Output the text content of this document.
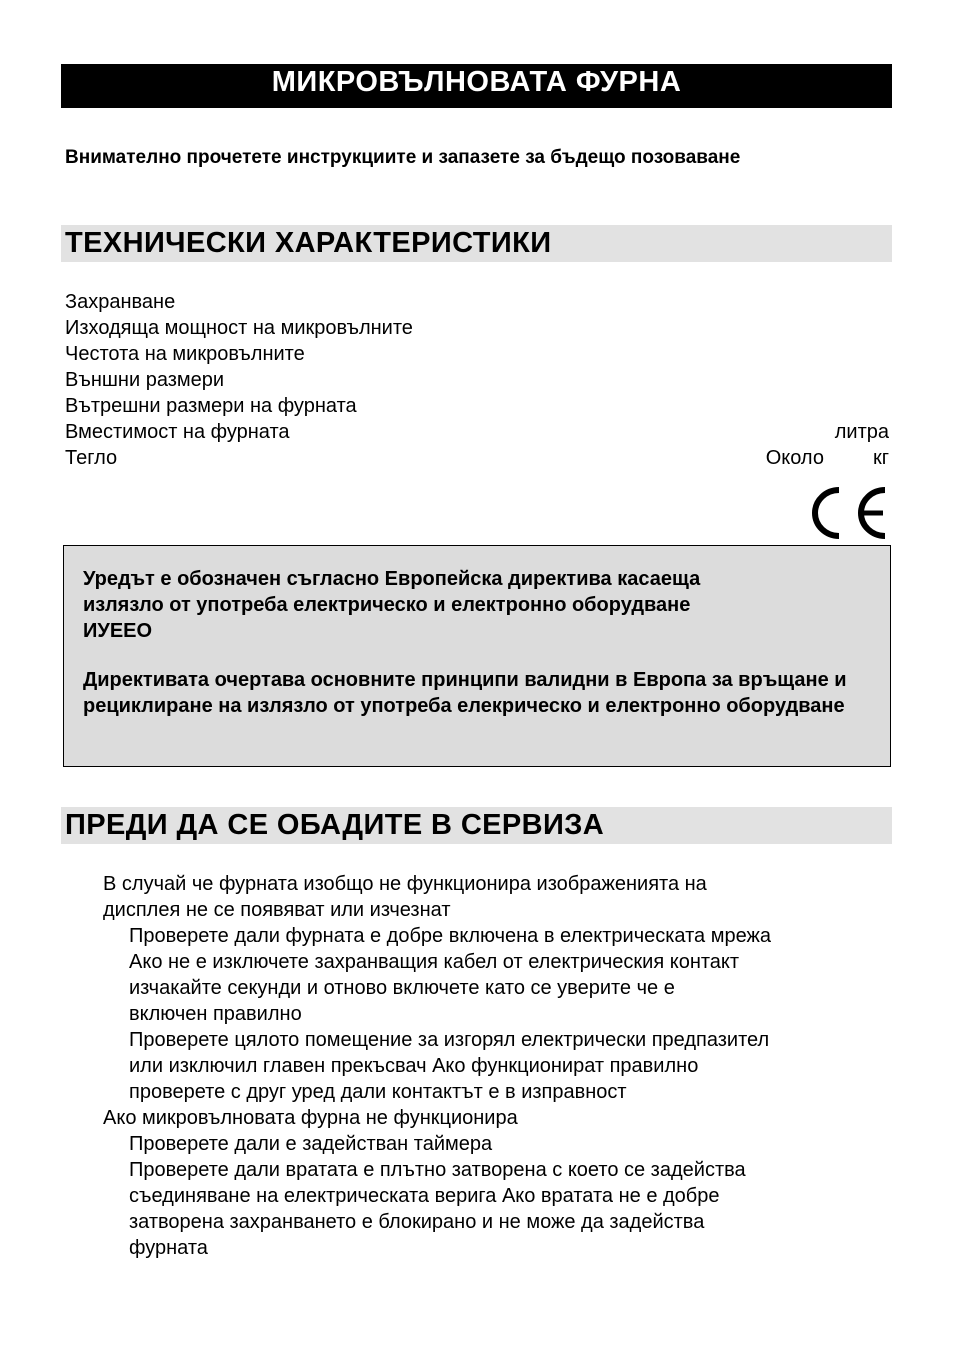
МИКРОВЪЛНОВАТА ФУРНА
Внимателно прочетете инструкциите и запазете за бъдещо позоваване
ТЕХНИЧЕСКИ ХАРАКТЕРИСТИКИ
Захранване
Изходяща мощност на микровълните
Честота на микровълните
Външни размери
Вътрешни размери на фурната
Вместимост на фурната	литра
Тегло	Около кг
Уредът е обозначен съгласно Европейска директива касаеща излязло от употреба електрическо и електронно оборудване ИУЕЕО
Директивата очертава основните принципи валидни в Европа за връщане и рециклиране на излязло от употреба елекрическо и електронно оборудване
ПРЕДИ ДА СЕ ОБАДИТЕ В СЕРВИЗА
В случай че фурната изобщо не функционира изображенията на
дисплея не се появяват или изчезнат
Проверете дали фурната е добре включена в електрическата мрежа
Ако не е изключете захранващия кабел от електрическия контакт
изчакайте секунди и отново включете като се уверите че е
включен правилно
Проверете цялото помещение за изгорял електрически предпазител
или изключил главен прекъсвач Ако функционират правилно
проверете с друг уред дали контактът е в изправност
Ако микровълновата фурна не функционира
Проверете дали е задействан таймера
Проверете дали вратата е плътно затворена с което се задейства
съединяване на електрическата верига Ако вратата не е добре
затворена захранването е блокирано и не може да задейства
фурната
